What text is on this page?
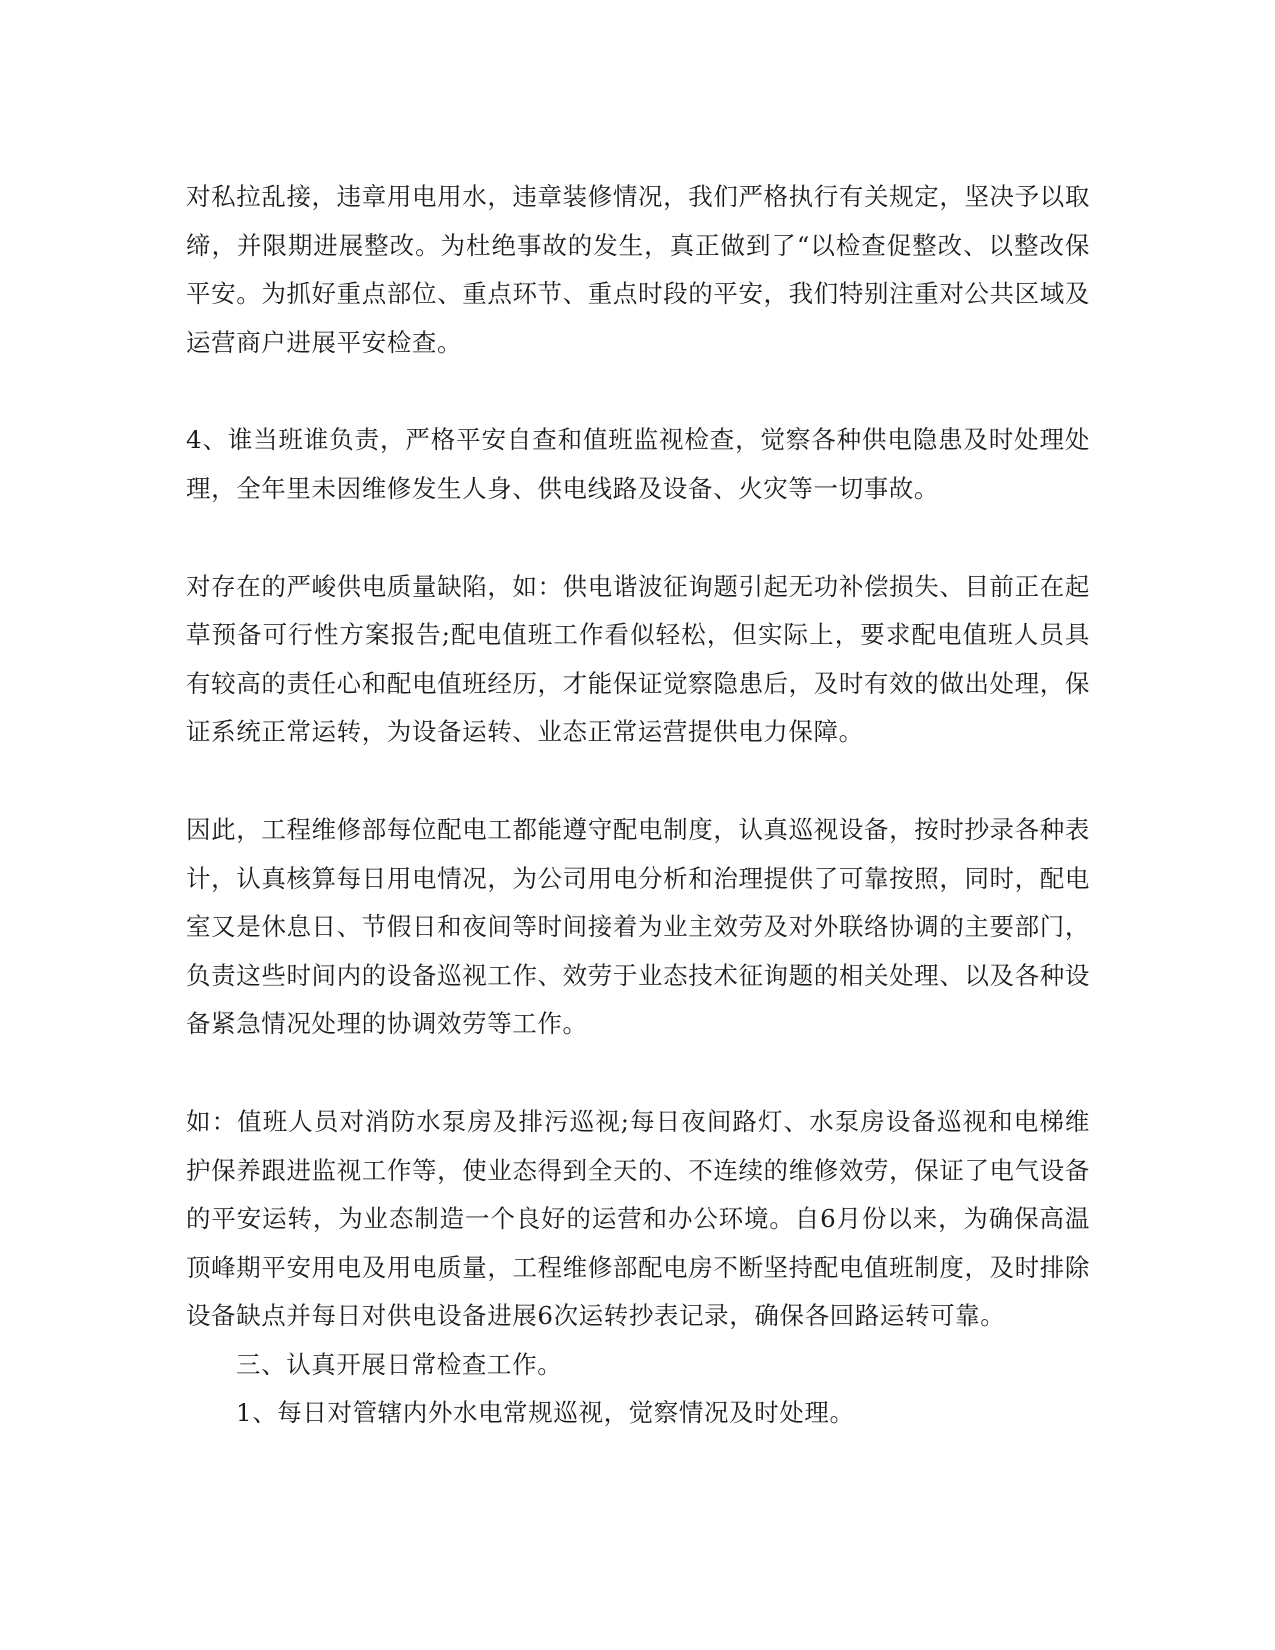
对私拉乱接，违章用电用水，违章装修情况，我们严格执行有关规定，坚决予以取缔，并限期进展整改。为杜绝事故的发生，真正做到了“以检查促整改、以整改保平安。为抓好重点部位、重点环节、重点时段的平安，我们特别注重对公共区域及运营商户进展平安检查。

4、谁当班谁负责，严格平安自查和值班监视检查，觉察各种供电隐患及时处理处理，全年里未因维修发生人身、供电线路及设备、火灾等一切事故。

对存在的严峻供电质量缺陷，如：供电谐波征询题引起无功补偿损失、目前正在起草预备可行性方案报告;配电值班工作看似轻松，但实际上，要求配电值班人员具有较高的责任心和配电值班经历，才能保证觉察隐患后，及时有效的做出处理，保证系统正常运转，为设备运转、业态正常运营提供电力保障。

因此，工程维修部每位配电工都能遵守配电制度，认真巡视设备，按时抄录各种表计，认真核算每日用电情况，为公司用电分析和治理提供了可靠按照，同时，配电室又是休息日、节假日和夜间等时间接着为业主效劳及对外联络协调的主要部门，负责这些时间内的设备巡视工作、效劳于业态技术征询题的相关处理、以及各种设备紧急情况处理的协调效劳等工作。

如：值班人员对消防水泵房及排污巡视;每日夜间路灯、水泵房设备巡视和电梯维护保养跟进监视工作等，使业态得到全天的、不连续的维修效劳，保证了电气设备的平安运转，为业态制造一个良好的运营和办公环境。自6月份以来，为确保高温顶峰期平安用电及用电质量，工程维修部配电房不断坚持配电值班制度，及时排除设备缺点并每日对供电设备进展6次运转抄表记录，确保各回路运转可靠。

三、认真开展日常检查工作。

1、每日对管辖内外水电常规巡视，觉察情况及时处理。
